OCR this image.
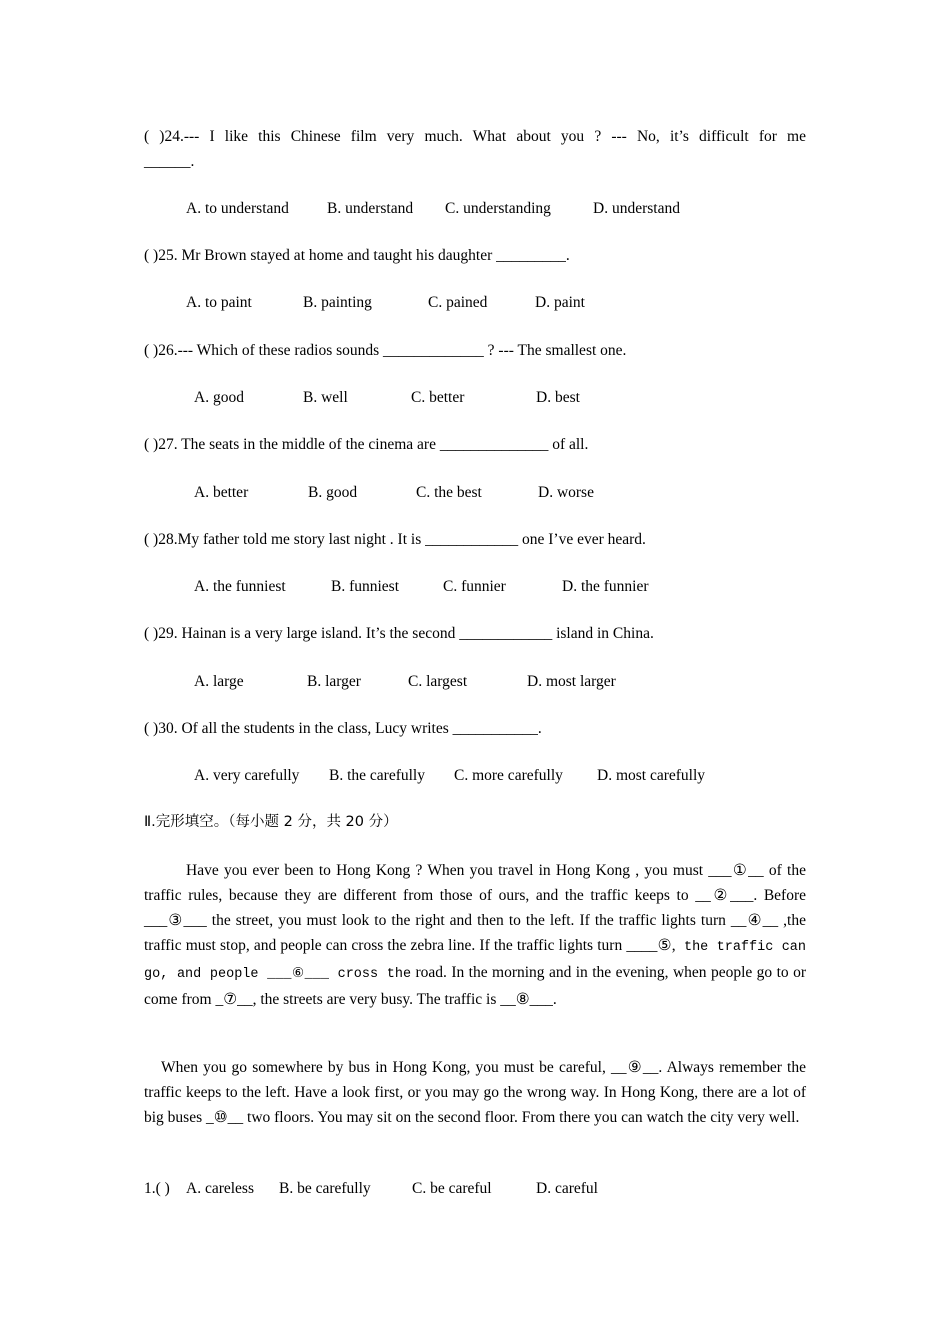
( )24.--- I like this Chinese film very much. What about you ? --- No, it’s difficult for me
______.
A. to understand B. understand C. understanding	D. understand
( )25. Mr Brown stayed at home and taught his daughter _________.
A. to paint	B. painting	C. pained	D. paint
( )26.--- Which of these radios sounds _____________ ? --- The smallest one.
A. good	B. well	C. better	D. best
( )27. The seats in the middle of the cinema are ______________ of all.
A. better	B. good	C. the best	D. worse
( )28.My father told me story last night . It is ____________ one I’ve ever heard.
A. the funniest	B. funniest	C. funnier	D. the funnier
( )29. Hainan is a very large island. It’s the second ____________ island in China.
A. large	B. larger	C. largest	D. most larger
( )30. Of all the students in the class, Lucy writes ___________.
A. very carefully B. the carefully C. more carefully D. most carefully
Ⅱ.完形填空。（每小题 2 分，共 20 分）
Have you ever been to Hong Kong ? When you travel in Hong Kong , you must ___①__ of the traffic rules, because they are different from those of ours, and the traffic keeps to __②___. Before ___③___ the street, you must look to the right and then to the left. If the traffic lights turn __④__ ,the traffic must stop, and people can cross the zebra line. If the traffic lights turn ____⑤, the traffic can go, and people ___⑥___ cross the road. In the morning and in the evening, when people go to or come from _⑦__, the streets are very busy. The traffic is __⑧___.
When you go somewhere by bus in Hong Kong, you must be careful, __⑨__. Always remember the traffic keeps to the left. Have a look first, or you may go the wrong way. In Hong Kong, there are a lot of big buses _⑩__ two floors. You may sit on the second floor. From there you can watch the city very well.
1.( ) A. careless B. be carefully	C. be careful	D. careful
